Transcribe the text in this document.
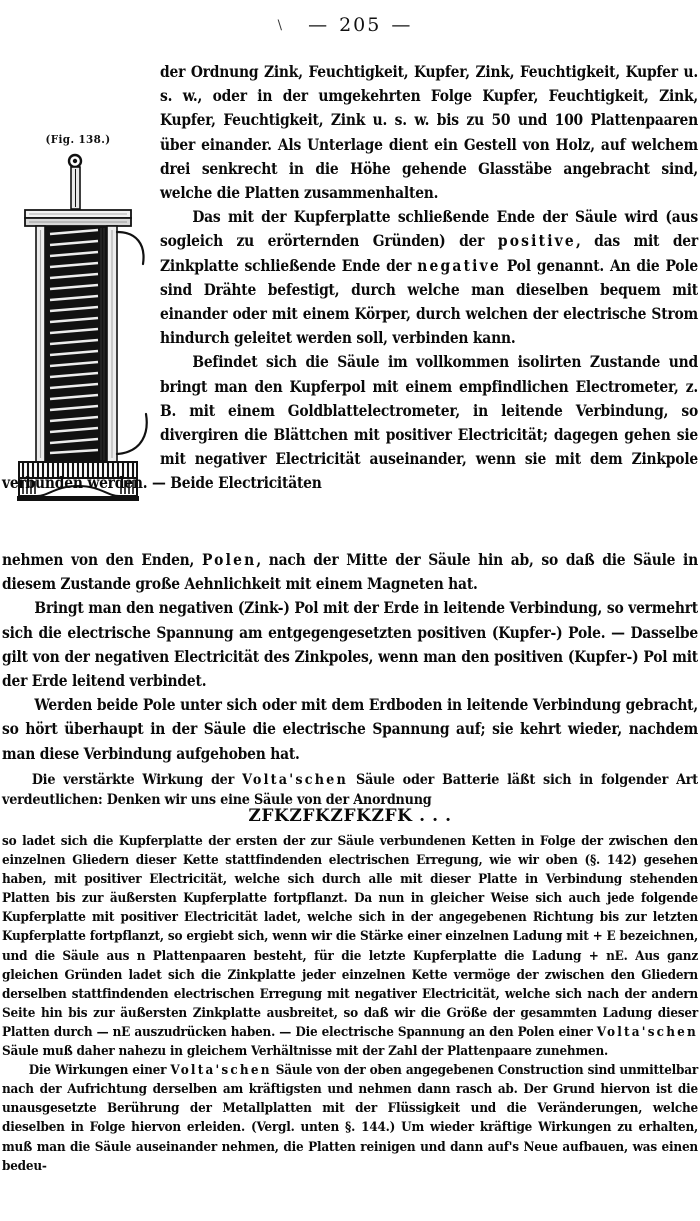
\ — 205 —
(Fig. 138.)

der Ordnung Zink, Feuchtigkeit, Kupfer, Zink, Feuchtigkeit, Kupfer u. s. w., oder in der umgekehrten Folge Kupfer, Feuchtigkeit, Zink, Kupfer, Feuchtigkeit, Zink u. s. w. bis zu 50 und 100 Plattenpaaren über einander. Als Unterlage dient ein Gestell von Holz, auf welchem drei senkrecht in die Höhe gehende Glasstäbe angebracht sind, welche die Platten zusammenhalten.

Das mit der Kupferplatte schließende Ende der Säule wird (aus sogleich zu erörternden Gründen) der positive, das mit der Zinkplatte schließende Ende der negative Pol genannt. An die Pole sind Drähte befestigt, durch welche man dieselben bequem mit einander oder mit einem Körper, durch welchen der electrische Strom hindurch geleitet werden soll, verbinden kann.

Befindet sich die Säule im vollkommen isolirten Zustande und bringt man den Kupferpol mit einem empfindlichen Electrometer, z. B. mit einem Goldblattelectrometer, in leitende Verbindung, so divergiren die Blättchen mit positiver Electricität; dagegen gehen sie mit negativer Electricität auseinander, wenn sie mit dem Zinkpole verbunden werden. — Beide Electricitäten

nehmen von den Enden, Polen, nach der Mitte der Säule hin ab, so daß die Säule in diesem Zustande große Aehnlichkeit mit einem Magneten hat.

Bringt man den negativen (Zink-) Pol mit der Erde in leitende Verbindung, so vermehrt sich die electrische Spannung am entgegengesetzten positiven (Kupfer-) Pole. — Dasselbe gilt von der negativen Electricität des Zinkpoles, wenn man den positiven (Kupfer-) Pol mit der Erde leitend verbindet.

Werden beide Pole unter sich oder mit dem Erdboden in leitende Verbindung gebracht, so hört überhaupt in der Säule die electrische Spannung auf; sie kehrt wieder, nachdem man diese Verbindung aufgehoben hat.

Die verstärkte Wirkung der Volta'schen Säule oder Batterie läßt sich in folgender Art verdeutlichen: Denken wir uns eine Säule von der Anordnung

ZFKZFKZFKZFK . . .

so ladet sich die Kupferplatte der ersten der zur Säule verbundenen Ketten in Folge der zwischen den einzelnen Gliedern dieser Kette stattfindenden electrischen Erregung, wie wir oben (§. 142) gesehen haben, mit positiver Electricität, welche sich durch alle mit dieser Platte in Verbindung stehenden Platten bis zur äußersten Kupferplatte fortpflanzt. Da nun in gleicher Weise sich auch jede folgende Kupferplatte mit positiver Electricität ladet, welche sich in der angegebenen Richtung bis zur letzten Kupferplatte fortpflanzt, so ergiebt sich, wenn wir die Stärke einer einzelnen Ladung mit + E bezeichnen, und die Säule aus n Plattenpaaren besteht, für die letzte Kupferplatte die Ladung + nE. Aus ganz gleichen Gründen ladet sich die Zinkplatte jeder einzelnen Kette vermöge der zwischen den Gliedern derselben stattfindenden electrischen Erregung mit negativer Electricität, welche sich nach der andern Seite hin bis zur äußersten Zinkplatte ausbreitet, so daß wir die Größe der gesammten Ladung dieser Platten durch — nE auszudrücken haben. — Die electrische Spannung an den Polen einer Volta'schen Säule muß daher nahezu in gleichem Verhältnisse mit der Zahl der Plattenpaare zunehmen.

Die Wirkungen einer Volta'schen Säule von der oben angegebenen Construction sind unmittelbar nach der Aufrichtung derselben am kräftigsten und nehmen dann rasch ab. Der Grund hiervon ist die unausgesetzte Berührung der Metallplatten mit der Flüssigkeit und die Veränderungen, welche dieselben in Folge hiervon erleiden. (Vergl. unten §. 144.) Um wieder kräftige Wirkungen zu erhalten, muß man die Säule auseinander nehmen, die Platten reinigen und dann auf's Neue aufbauen, was einen bedeu-
